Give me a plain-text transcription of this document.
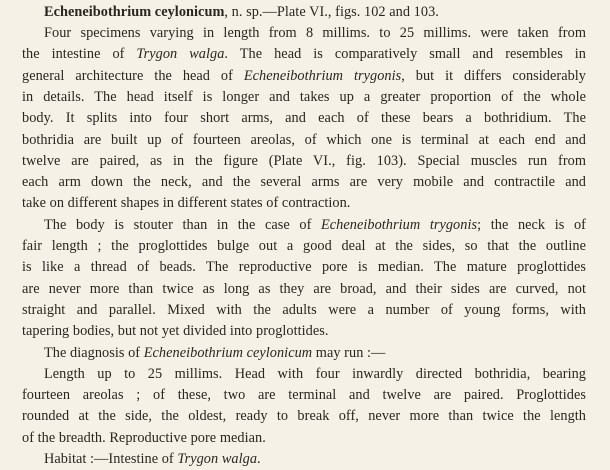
Echeneibothrium ceylonicum, n. sp.—Plate VI., figs. 102 and 103.
Four specimens varying in length from 8 millims. to 25 millims. were taken from
the intestine of Trygon walga. The head is comparatively small and resembles in
general architecture the head of Echeneibothrium trygonis, but it differs considerably
in details. The head itself is longer and takes up a greater proportion of the whole
body. It splits into four short arms, and each of these bears a bothridium. The
bothridia are built up of fourteen areolas, of which one is terminal at each end and
twelve are paired, as in the figure (Plate VI., fig. 103). Special muscles run from
each arm down the neck, and the several arms are very mobile and contractile and
take on different shapes in different states of contraction.
The body is stouter than in the case of Echeneibothrium trygonis; the neck is of
fair length ; the proglottides bulge out a good deal at the sides, so that the outline
is like a thread of beads. The reproductive pore is median. The mature proglottides
are never more than twice as long as they are broad, and their sides are curved, not
straight and parallel. Mixed with the adults were a number of young forms, with
tapering bodies, but not yet divided into proglottides.
The diagnosis of Echeneibothrium ceylonicum may run :—
Length up to 25 millims. Head with four inwardly directed bothridia, bearing
fourteen areolas ; of these, two are terminal and twelve are paired. Proglottides
rounded at the side, the oldest, ready to break off, never more than twice the length
of the breadth. Reproductive pore median.
Habitat :—Intestine of Trygon walga.
